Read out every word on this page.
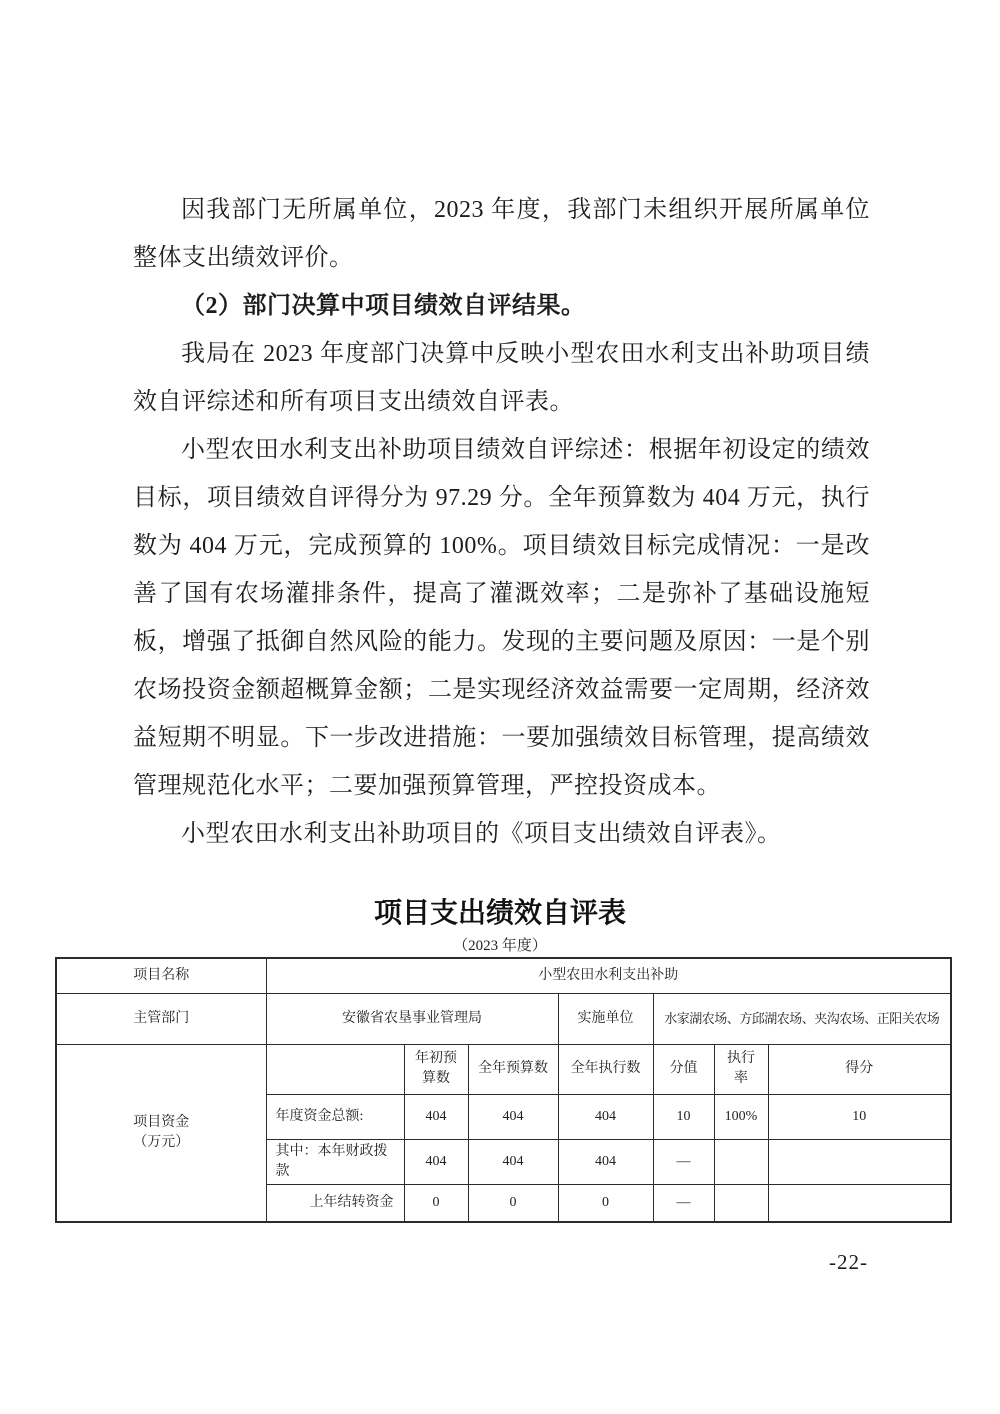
因我部门无所属单位，2023 年度，我部门未组织开展所属单位整体支出绩效评价。

（2）部门决算中项目绩效自评结果。

我局在 2023 年度部门决算中反映小型农田水利支出补助项目绩效自评综述和所有项目支出绩效自评表。

小型农田水利支出补助项目绩效自评综述：根据年初设定的绩效目标，项目绩效自评得分为 97.29 分。全年预算数为 404 万元，执行数为 404 万元，完成预算的 100%。项目绩效目标完成情况：一是改善了国有农场灌排条件，提高了灌溉效率；二是弥补了基础设施短板，增强了抵御自然风险的能力。发现的主要问题及原因：一是个别农场投资金额超概算金额；二是实现经济效益需要一定周期，经济效益短期不明显。下一步改进措施：一要加强绩效目标管理，提高绩效管理规范化水平；二要加强预算管理，严控投资成本。

小型农田水利支出补助项目的《项目支出绩效自评表》。

项目支出绩效自评表
（2023 年度）
项目名称	小型农田水利支出补助						
主管部门	安徽省农垦事业管理局			实施单位	水家湖农场、方邱湖农场、夹沟农场、正阳关农场		
项目资金
（万元）		年初预算数	全年预算数	全年执行数	分值	执行率	得分
	年度资金总额:	404	404	404	10	100%	10
	其中：本年财政拨款	404	404	404	—		
	上年结转资金	0	0	0	—		
-22-
